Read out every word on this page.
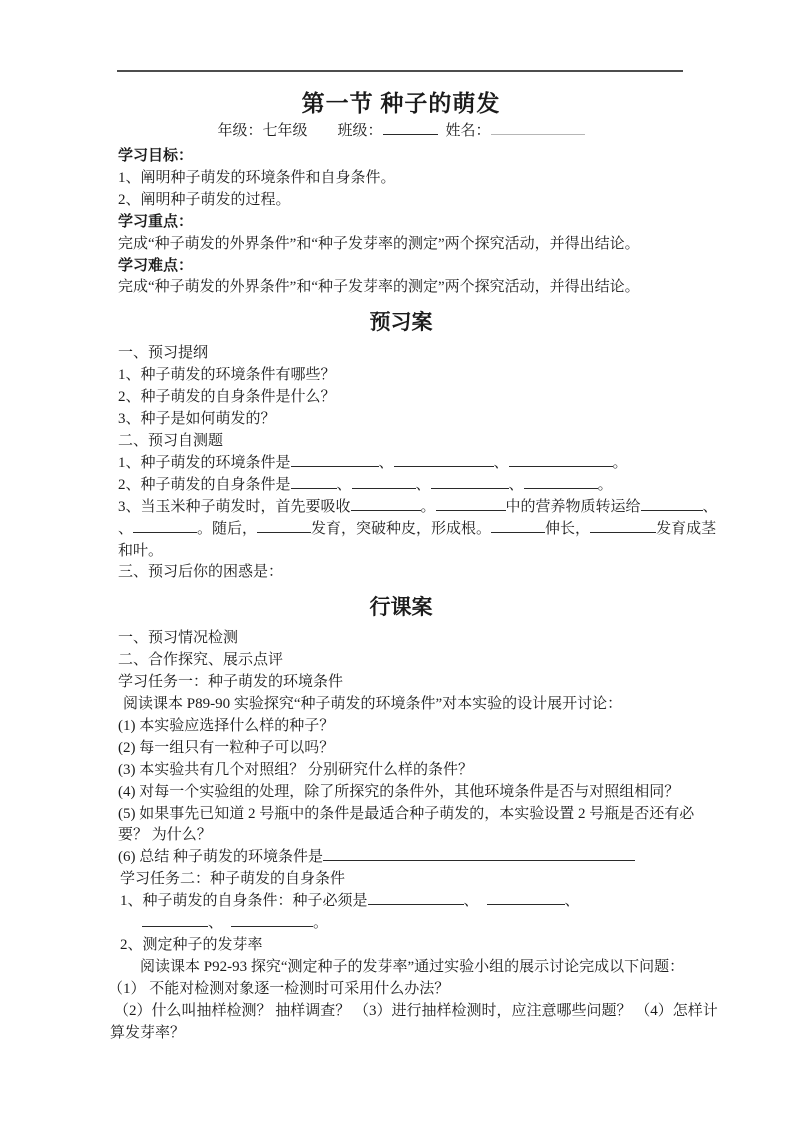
第一节 种子的萌发
年级：七年级 班级：	姓名：
学习目标：
1、阐明种子萌发的环境条件和自身条件。
2、阐明种子萌发的过程。
学习重点：
完成“种子萌发的外界条件”和“种子发芽率的测定”两个探究活动，并得出结论。
学习难点：
完成“种子萌发的外界条件”和“种子发芽率的测定”两个探究活动，并得出结论。
预习案
一、预习提纲
1、种子萌发的环境条件有哪些？
2、种子萌发的自身条件是什么？
3、种子是如何萌发的？
二、预习自测题
1、种子萌发的环境条件是	、	、	。
2、种子萌发的自身条件是	、	、	、	。
3、当玉米种子萌发时，首先要吸收	。	中的营养物质转运给	、
、	。随后，	发育，突破种皮，形成根。	伸长，	发育成茎
和叶。
三、预习后你的困惑是：
行课案
一、预习情况检测
二、合作探究、展示点评
学习任务一：种子萌发的环境条件
阅读课本 P89-90 实验探究“种子萌发的环境条件”对本实验的设计展开讨论：
(1) 本实验应选择什么样的种子？
(2) 每一组只有一粒种子可以吗？
(3) 本实验共有几个对照组？ 分别研究什么样的条件？
(4) 对每一个实验组的处理，除了所探究的条件外，其他环境条件是否与对照组相同？
(5) 如果事先已知道 2 号瓶中的条件是最适合种子萌发的，本实验设置 2 号瓶是否还有必
要？ 为什么？
(6) 总结 种子萌发的环境条件是
学习任务二：种子萌发的自身条件
1、种子萌发的自身条件：种子必须是	、	、
、	。
2、测定种子的发芽率
阅读课本 P92-93 探究“测定种子的发芽率”通过实验小组的展示讨论完成以下问题：
（1） 不能对检测对象逐一检测时可采用什么办法？
（2）什么叫抽样检测？ 抽样调查？ （3）进行抽样检测时，应注意哪些问题？ （4）怎样计
算发芽率？
